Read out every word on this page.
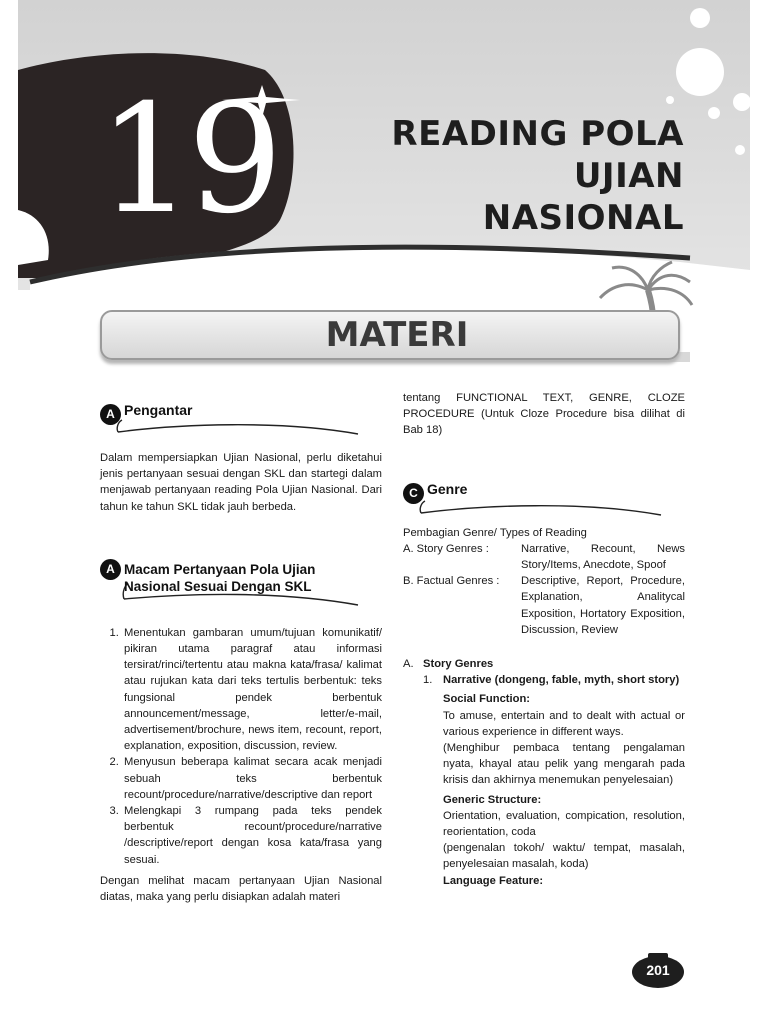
19	READING POLA
UJIAN NASIONAL
MATERI
A Pengantar

Dalam mempersiapkan Ujian Nasional, perlu diketahui jenis pertanyaan sesuai dengan SKL dan startegi dalam menjawab pertanyaan reading Pola Ujian Nasional. Dari tahun ke tahun SKL tidak jauh berbeda.

A Macam Pertanyaan Pola Ujian
Nasional Sesuai Dengan SKL
1. Menentukan gambaran umum/tujuan komunikatif/ pikiran utama paragraf atau informasi tersirat/rinci/tertentu atau makna kata/frasa/ kalimat atau rujukan kata dari teks tertulis berbentuk: teks fungsional pendek berbentuk announcement/message, letter/e-mail, advertisement/brochure, news item, recount, report, explanation, exposition, discussion, review.
2. Menyusun beberapa kalimat secara acak menjadi sebuah teks berbentuk recount/procedure/narrative/descriptive dan report
3. Melengkapi 3 rumpang pada teks pendek berbentuk recount/procedure/narrative /descriptive/report dengan kosa kata/frasa yang sesuai.

Dengan melihat macam pertanyaan Ujian Nasional diatas, maka yang perlu disiapkan adalah materi

tentang FUNCTIONAL TEXT, GENRE, CLOZE PROCEDURE (Untuk Cloze Procedure bisa dilihat di Bab 18)

C Genre

Pembagian Genre/ Types of Reading

A. Story Genres :	Narrative, Recount, News Story/Items, Anecdote, Spoof
B. Factual Genres :	Descriptive, Report, Procedure, Explanation, Analitycal Exposition, Hortatory Exposition, Discussion, Review
A. Story Genres
1. Narrative (dongeng, fable, myth, short story)

Social Function:

To amuse, entertain and to dealt with actual or various experience in different ways.

(Menghibur pembaca tentang pengalaman nyata, khayal atau pelik yang mengarah pada krisis dan akhirnya menemukan penyelesaian)

Generic Structure:

Orientation, evaluation, compication, resolution, reorientation, coda

(pengenalan tokoh/ waktu/ tempat, masalah, penyelesaian masalah, koda)

Language Feature:

201
